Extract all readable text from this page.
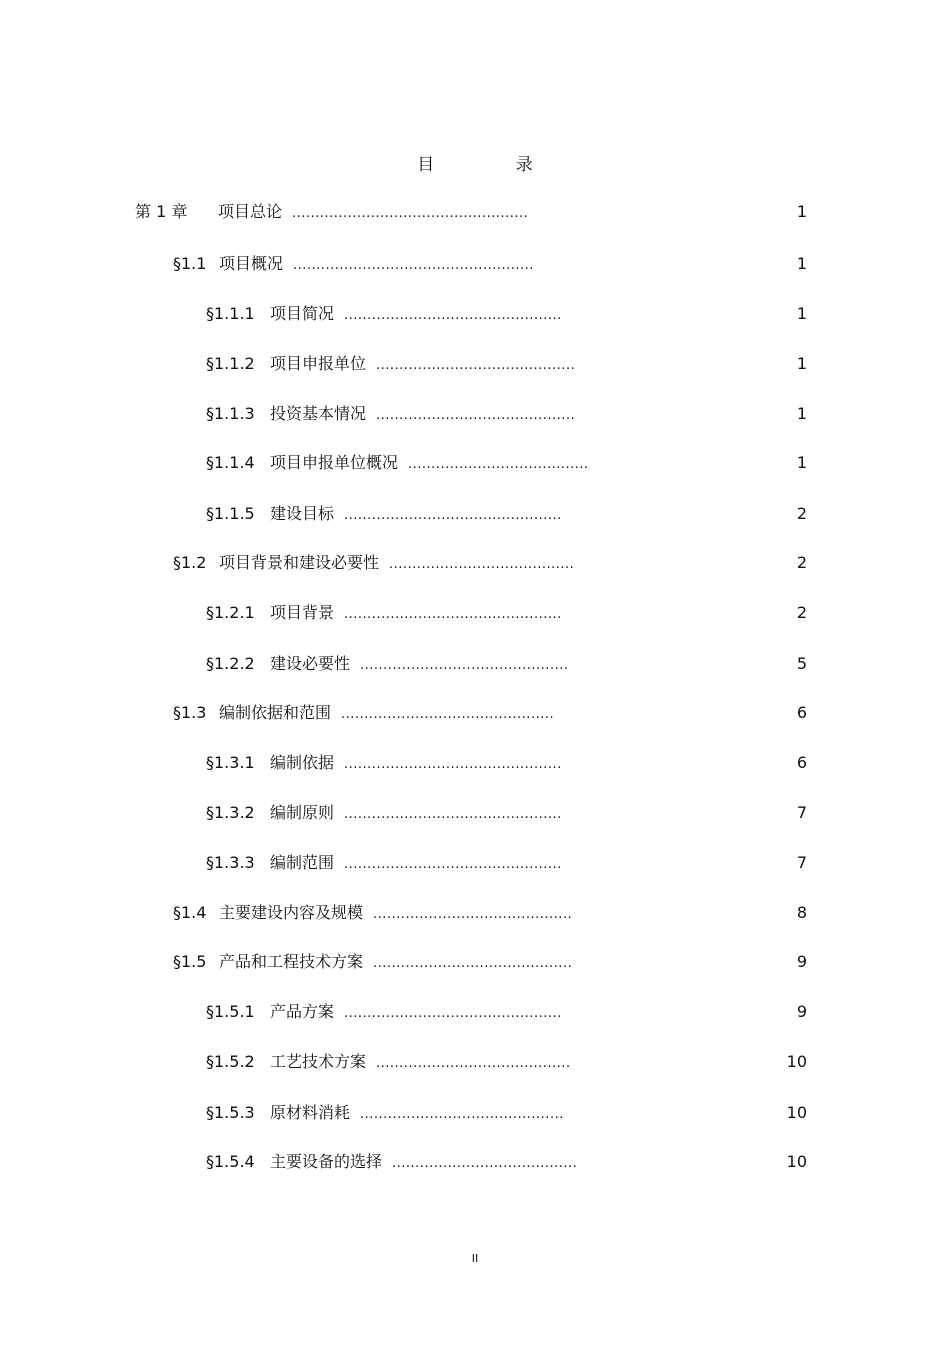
目 录
第 1 章 项目总论 ...................................................	1
§1.1 项目概况 ....................................................	1
§1.1.1 项目简况 ...............................................	1
§1.1.2 项目申报单位 ...........................................	1
§1.1.3 投资基本情况 ...........................................	1
§1.1.4 项目申报单位概况 .......................................	1
§1.1.5 建设目标 ...............................................	2
§1.2 项目背景和建设必要性 ........................................	2
§1.2.1 项目背景 ...............................................	2
§1.2.2 建设必要性 .............................................	5
§1.3 编制依据和范围 ..............................................	6
§1.3.1 编制依据 ...............................................	6
§1.3.2 编制原则 ...............................................	7
§1.3.3 编制范围 ...............................................	7
§1.4 主要建设内容及规模 ...........................................	8
§1.5 产品和工程技术方案 ...........................................	9
§1.5.1 产品方案 ...............................................	9
§1.5.2 工艺技术方案 ..........................................	10
§1.5.3 原材料消耗 ............................................	10
§1.5.4 主要设备的选择 ........................................	10
II
